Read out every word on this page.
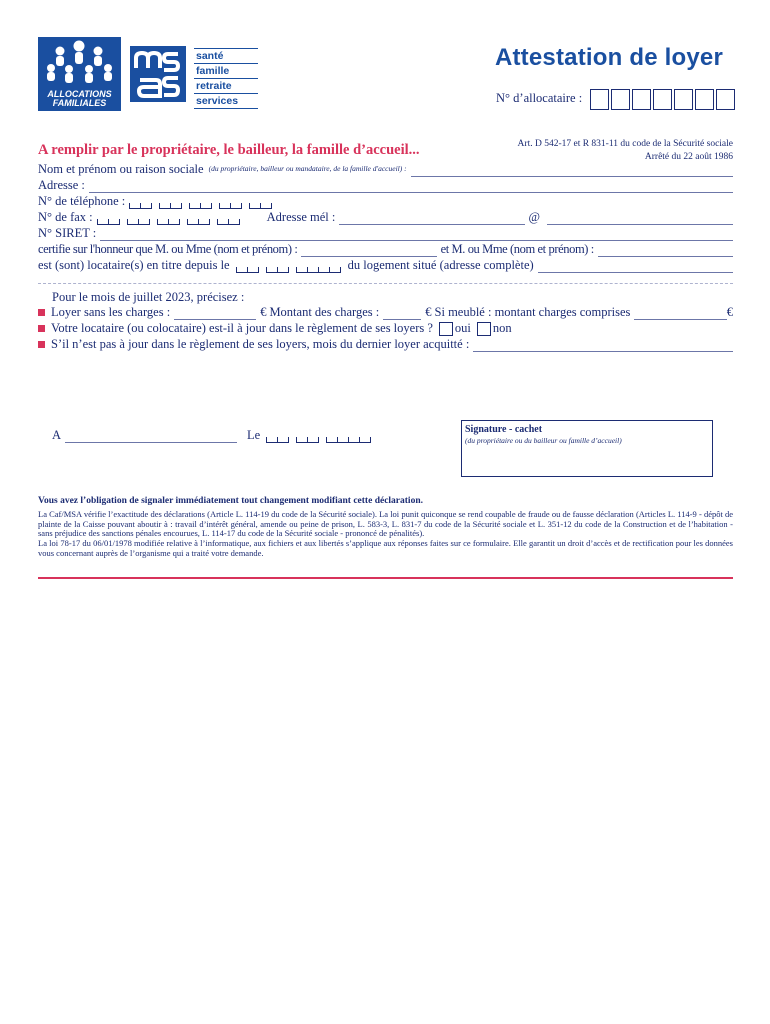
ALLOCATIONS
FAMILIALES
santé
famille
retraite
services
Attestation de loyer
N° d’allocataire :
A remplir par le propriétaire, le bailleur, la famille d’accueil...	Art. D 542-17 et R 831-11 du code de la Sécurité sociale
Arrêté du 22 août 1986
Nom et prénom ou raison sociale (du propriétaire, bailleur ou mandataire, de la famille d'accueil) :
Adresse :
N° de téléphone :
N° de fax :	Adresse mél :	@
N° SIRET :
certifie sur l'honneur que M. ou Mme (nom et prénom) :	et M. ou Mme (nom et prénom) :
est (sont) locataire(s) en titre depuis le	du logement situé (adresse complète)
Pour le mois de juillet 2023, précisez :
Loyer sans les charges :	€ Montant des charges :	€ Si meublé : montant charges comprises	€
Votre locataire (ou colocataire) est-il à jour dans le règlement de ses loyers ? oui non
S’il n’est pas à jour dans le règlement de ses loyers, mois du dernier loyer acquitté :
A	Le	Signature - cachet
(du propriétaire ou du bailleur ou famille d’accueil)
Vous avez l’obligation de signaler immédiatement tout changement modifiant cette déclaration.
La Caf/MSA vérifie l’exactitude des déclarations (Article L. 114-19 du code de la Sécurité sociale). La loi punit quiconque se rend coupable de fraude ou de fausse déclaration (Articles L. 114-9 - dépôt de plainte de la Caisse pouvant aboutir à : travail d’intérêt général, amende ou peine de prison, L. 583-3, L. 831-7 du code de la Sécurité sociale et L. 351-12 du code de la Construction et de l’habitation - sans préjudice des sanctions pénales encourues, L. 114-17 du code de la Sécurité sociale - prononcé de pénalités).
La loi 78-17 du 06/01/1978 modifiée relative à l’informatique, aux fichiers et aux libertés s’applique aux réponses faites sur ce formulaire. Elle garantit un droit d’accès et de rectification pour les données vous concernant auprès de l’organisme qui a traité votre demande.
